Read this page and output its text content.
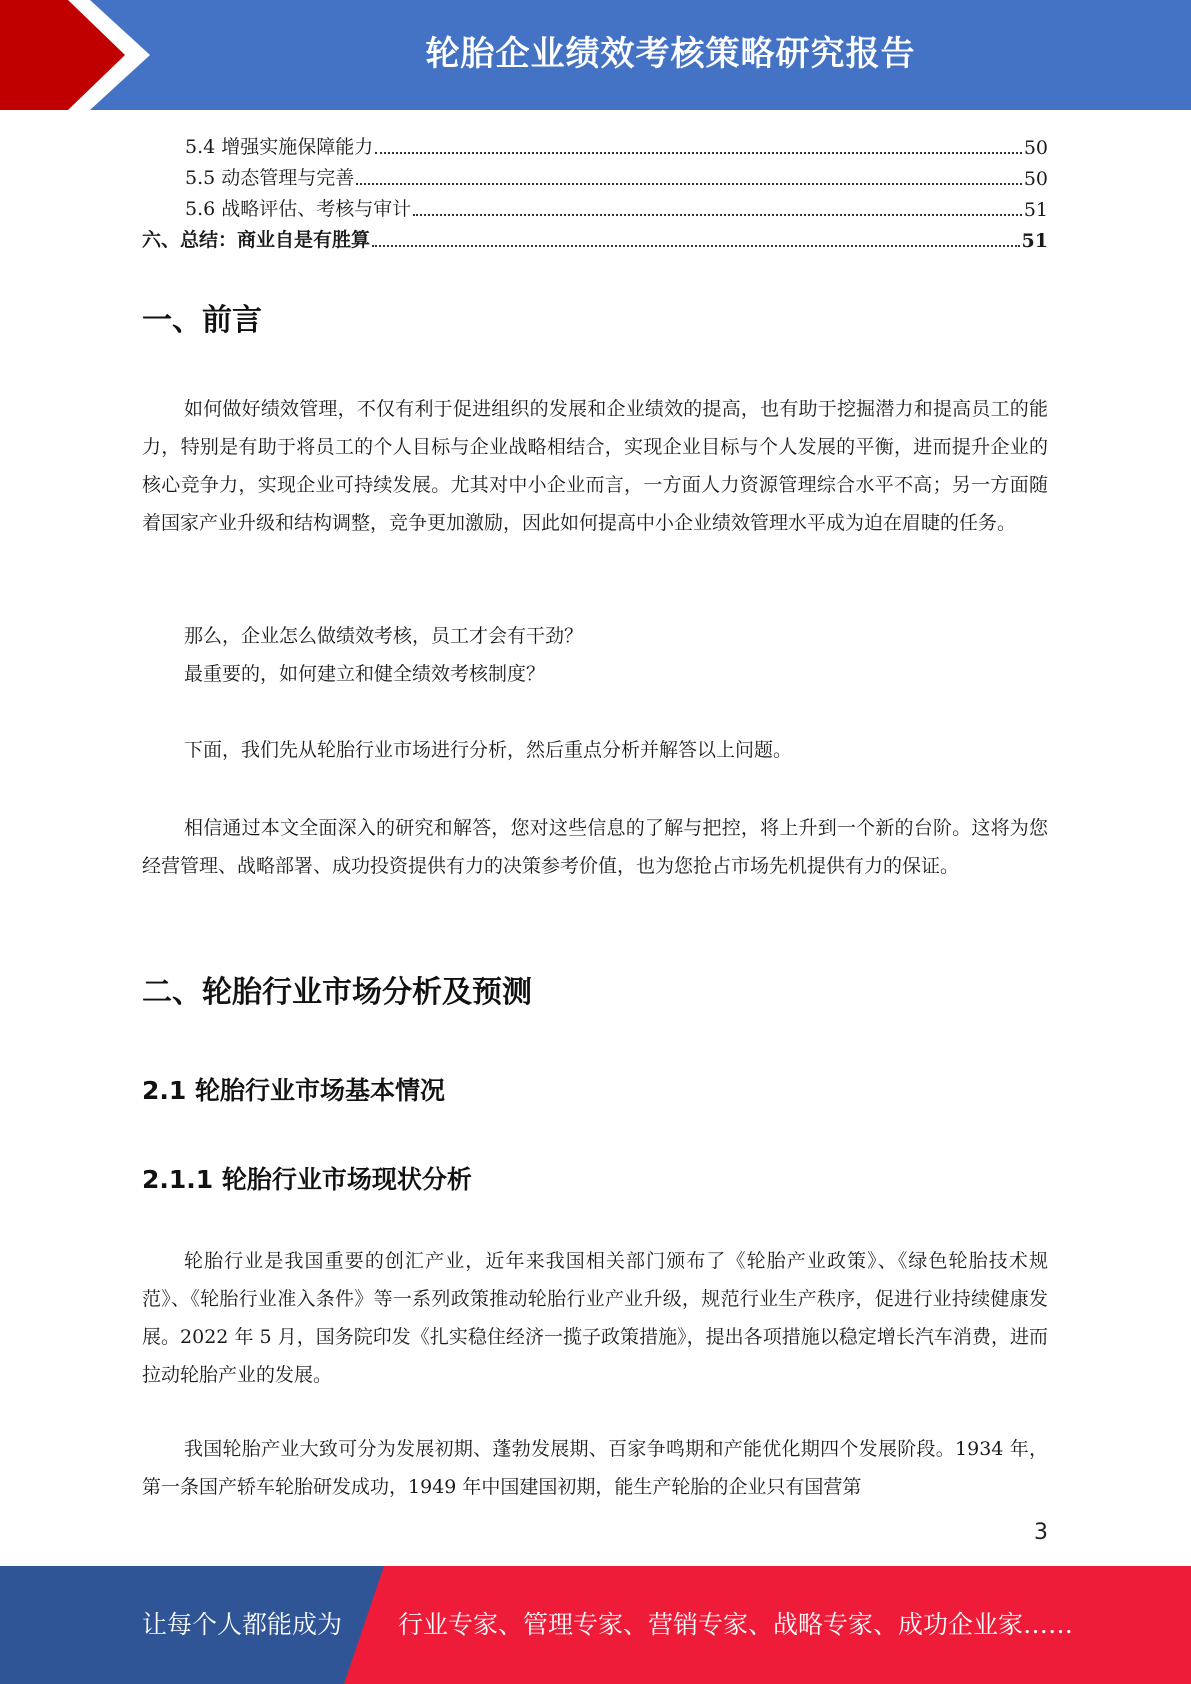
轮胎企业绩效考核策略研究报告
5.4 增强实施保障能力	50
5.5 动态管理与完善	50
5.6 战略评估、考核与审计	51
六、总结：商业自是有胜算	51
一、前言

如何做好绩效管理，不仅有利于促进组织的发展和企业绩效的提高，也有助于挖掘潜力和提高员工的能力，特别是有助于将员工的个人目标与企业战略相结合，实现企业目标与个人发展的平衡，进而提升企业的核心竞争力，实现企业可持续发展。尤其对中小企业而言，一方面人力资源管理综合水平不高；另一方面随着国家产业升级和结构调整，竞争更加激励，因此如何提高中小企业绩效管理水平成为迫在眉睫的任务。

那么，企业怎么做绩效考核，员工才会有干劲？

最重要的，如何建立和健全绩效考核制度？

下面，我们先从轮胎行业市场进行分析，然后重点分析并解答以上问题。

相信通过本文全面深入的研究和解答，您对这些信息的了解与把控，将上升到一个新的台阶。这将为您经营管理、战略部署、成功投资提供有力的决策参考价值，也为您抢占市场先机提供有力的保证。

二、轮胎行业市场分析及预测
2.1 轮胎行业市场基本情况
2.1.1 轮胎行业市场现状分析

轮胎行业是我国重要的创汇产业，近年来我国相关部门颁布了《轮胎产业政策》、《绿色轮胎技术规范》、《轮胎行业准入条件》等一系列政策推动轮胎行业产业升级，规范行业生产秩序，促进行业持续健康发展。2022 年 5 月，国务院印发《扎实稳住经济一揽子政策措施》，提出各项措施以稳定增长汽车消费，进而拉动轮胎产业的发展。

我国轮胎产业大致可分为发展初期、蓬勃发展期、百家争鸣期和产能优化期四个发展阶段。1934 年，第一条国产轿车轮胎研发成功，1949 年中国建国初期，能生产轮胎的企业只有国营第

3
让每个人都能成为 行业专家、管理专家、营销专家、战略专家、成功企业家……
